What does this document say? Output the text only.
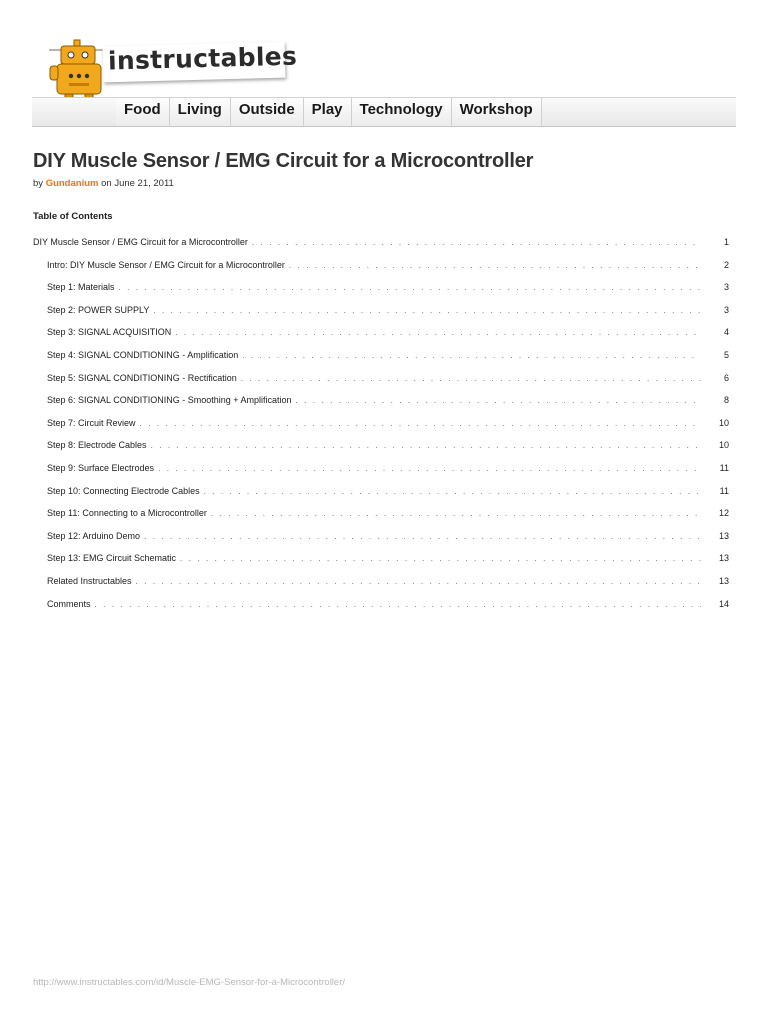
instructables
Food	Living	Outside	Play	Technology	Workshop
DIY Muscle Sensor / EMG Circuit for a Microcontroller
by Gundanium on June 21, 2011
Table of Contents
DIY Muscle Sensor / EMG Circuit for a Microcontroller . . .	1
Intro: DIY Muscle Sensor / EMG Circuit for a Microcontroller . . .	2
Step 1: Materials . . .	3
Step 2: POWER SUPPLY . . .	3
Step 3: SIGNAL ACQUISITION . . .	4
Step 4: SIGNAL CONDITIONING - Amplification . . .	5
Step 5: SIGNAL CONDITIONING - Rectification . . .	6
Step 6: SIGNAL CONDITIONING - Smoothing + Amplification . . .	8
Step 7: Circuit Review . . .	10
Step 8: Electrode Cables . . .	10
Step 9: Surface Electrodes . . .	11
Step 10: Connecting Electrode Cables . . .	11
Step 11: Connecting to a Microcontroller . . .	12
Step 12: Arduino Demo . . .	13
Step 13: EMG Circuit Schematic . . .	13
Related Instructables . . .	13
Comments . . .	14
http://www.instructables.com/id/Muscle-EMG-Sensor-for-a-Microcontroller/
